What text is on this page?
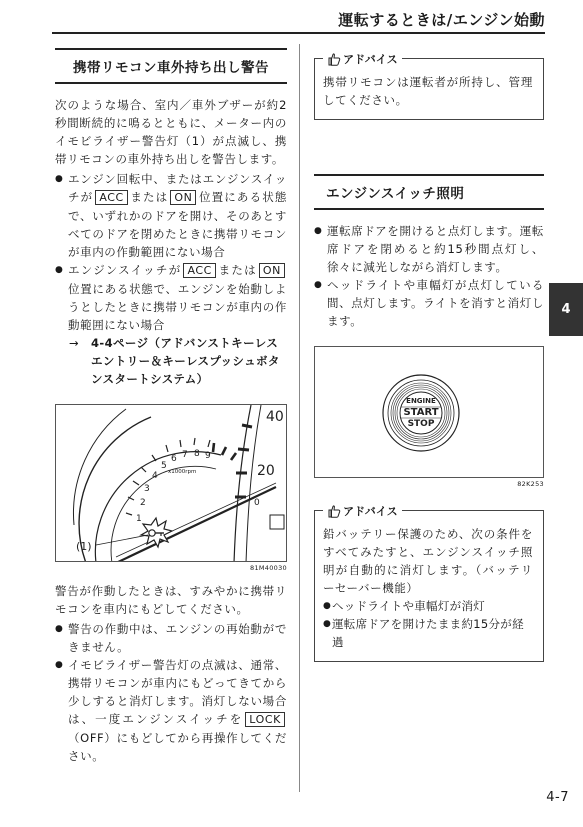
運転するときは/エンジン始動
携帯リモコン車外持ち出し警告

次のような場合、室内／車外ブザーが約2秒間断続的に鳴るとともに、メーター内のイモビライザー警告灯（1）が点滅し、携帯リモコンの車外持ち出しを警告します。

● エンジン回転中、またはエンジンスイッチが ACC または ON 位置にある状態で、いずれかのドアを開け、そのあとすべてのドアを閉めたときに携帯リモコンが車内の作動範囲にない場合
● エンジンスイッチが ACC または ON位置にある状態で、エンジンを始動しようとしたときに携帯リモコンが車内の作動範囲にない場合
→	4-4ページ（アドバンストキーレスエントリー＆キーレスプッシュボタンスタートシステム）
1
2
3
4
5
6 7 8 9
x1000rpm
40
20
0
(1)
81M40030

警告が作動したときは、すみやかに携帯リモコンを車内にもどしてください。

● 警告の作動中は、エンジンの再始動ができません。
● イモビライザー警告灯の点滅は、通常、携帯リモコンが車内にもどってきてから少しすると消灯します。消灯しない場合は、一度エンジンスイッチを LOCK（OFF）にもどしてから再操作してください。
アドバイス

携帯リモコンは運転者が所持し、管理してください。

エンジンスイッチ照明
● 運転席ドアを開けると点灯します。運転席ドアを閉めると約15秒間点灯し、徐々に減光しながら消灯します。
● ヘッドライトや車幅灯が点灯している間、点灯します。ライトを消すと消灯します。
ENGINE
START
STOP
82K253
アドバイス

鉛バッテリー保護のため、次の条件をすべてみたすと、エンジンスイッチ照明が自動的に消灯します。（バッテリーセーバー機能）

● ヘッドライトや車幅灯が消灯
● 運転席ドアを開けたまま約15分が経過
4
4-7
